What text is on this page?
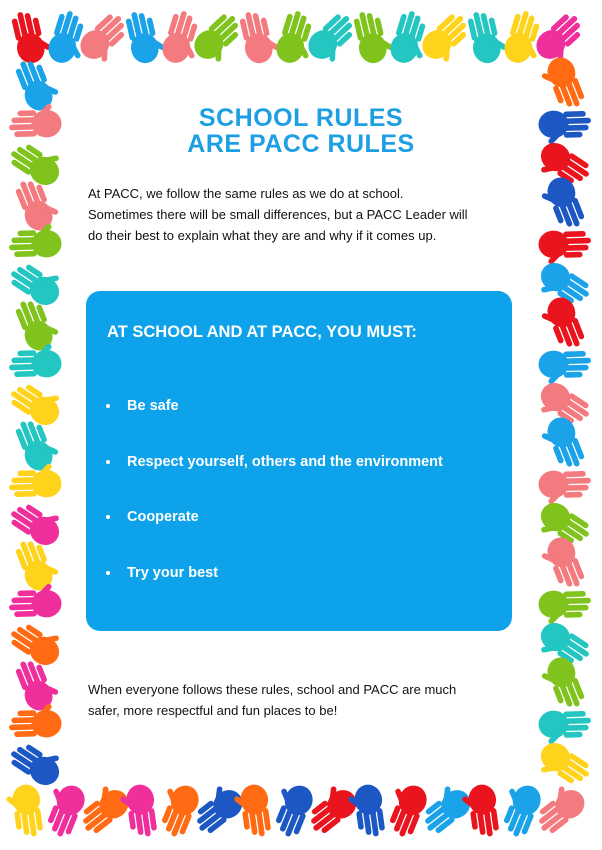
SCHOOL RULES
ARE PACC RULES

At PACC, we follow the same rules as we do at school.
Sometimes there will be small differences, but a PACC Leader will
do their best to explain what they are and why if it comes up.

AT SCHOOL AND AT PACC, YOU MUST:
Be safe
Respect yourself, others and the environment
Cooperate
Try your best

When everyone follows these rules, school and PACC are much
safer, more respectful and fun places to be!
